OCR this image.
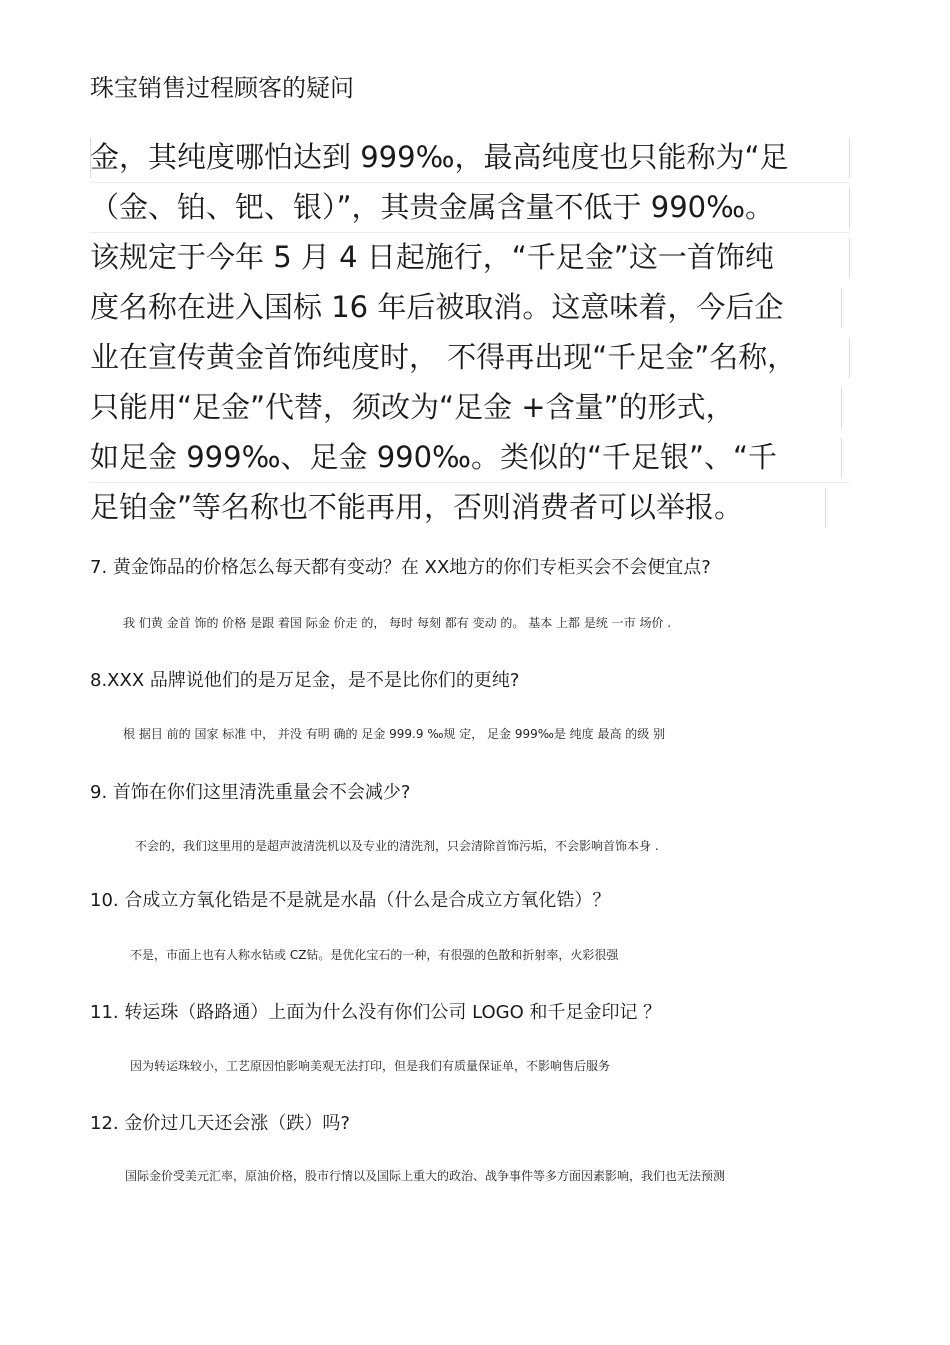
珠宝销售过程顾客的疑问
金，其纯度哪怕达到 999‰，最高纯度也只能称为“足
（金、铂、钯、银）”，其贵金属含量不低于 990‰。
该规定于今年 5 月 4 日起施行，“千足金”这一首饰纯
度名称在进入国标 16 年后被取消。这意味着，今后企
业在宣传黄金首饰纯度时， 不得再出现“千足金”名称，
只能用“足金”代替，须改为“足金 +含量”的形式，
如足金 999‰、足金 990‰。类似的“千足银”、“千
足铂金”等名称也不能再用，否则消费者可以举报。
7. 黄金饰品的价格怎么每天都有变动？在 XX地方的你们专柜买会不会便宜点?
我 们黄 金首 饰的 价格 是跟 着国 际金 价走 的， 每时 每刻 都有 变动 的。 基本 上都 是统 一市 场价 .
8.XXX 品牌说他们的是万足金，是不是比你们的更纯?
根 据目 前的 国家 标准 中， 并没 有明 确的 足金 999.9 ‰规 定， 足金 999‰是 纯度 最高 的级 别
9. 首饰在你们这里清洗重量会不会减少?
不会的，我们这里用的是超声波清洗机以及专业的清洗剂，只会清除首饰污垢，不会影响首饰本身 .
10. 合成立方氧化锆是不是就是水晶（什么是合成立方氧化锆）？
不是，市面上也有人称水钻或 CZ钻。是优化宝石的一种，有很强的色散和折射率，火彩很强
11. 转运珠（路路通）上面为什么没有你们公司 LOGO 和千足金印记 ？
因为转运珠较小，工艺原因怕影响美观无法打印，但是我们有质量保证单，不影响售后服务
12. 金价过几天还会涨（跌）吗?
国际金价受美元汇率，原油价格，股市行情以及国际上重大的政治、战争事件等多方面因素影响，我们也无法预测
